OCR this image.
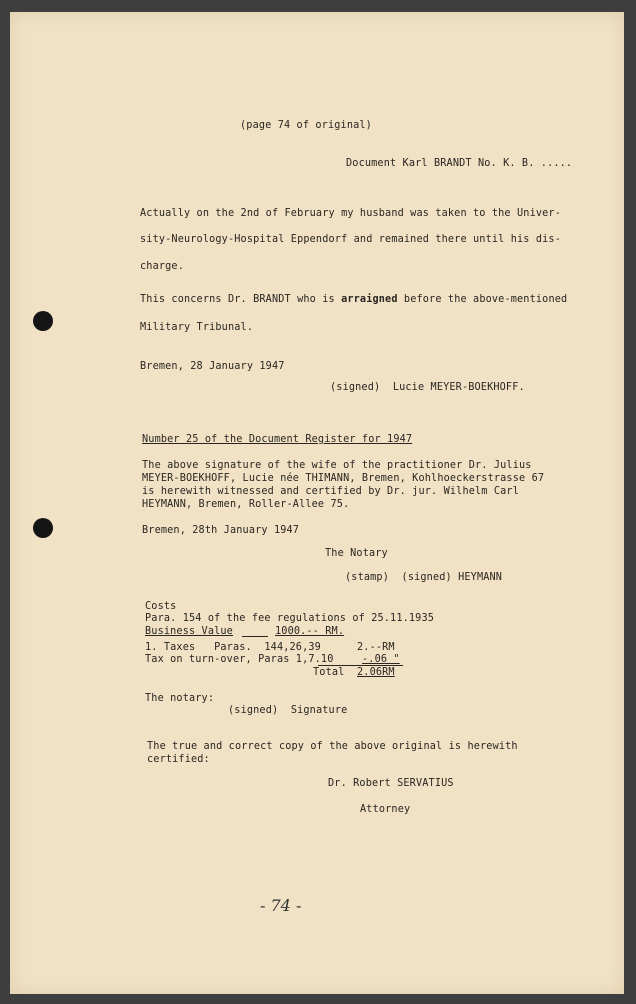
(page 74 of original)
Document Karl BRANDT No. K. B. .....
Actually on the 2nd of February my husband was taken to the Univer-
sity-Neurology-Hospital Eppendorf and remained there until his dis-
charge.
This concerns Dr. BRANDT who is arraigned before the above-mentioned
Military Tribunal.
Bremen, 28 January 1947
(signed)  Lucie MEYER-BOEKHOFF.
Number 25 of the Document Register for 1947
The above signature of the wife of the practitioner Dr. Julius
MEYER-BOEKHOFF, Lucie née THIMANN, Bremen, Kohlhoeckerstrasse 67
is herewith witnessed and certified by Dr. jur. Wilhelm Carl
HEYMANN, Bremen, Roller-Allee 75.
Bremen, 28th January 1947
The Notary
(stamp)  (signed) HEYMANN
Costs
Para. 154 of the fee regulations of 25.11.1935
Business Value	1000.-- RM.
1. Taxes   Paras.  144,26,39	2.--RM
Tax on turn-over, Paras 1,7.10	-.06 "
Total 2.06RM
The notary:
(signed)  Signature
The true and correct copy of the above original is herewith
certified:
Dr. Robert SERVATIUS
Attorney
- 74 -
